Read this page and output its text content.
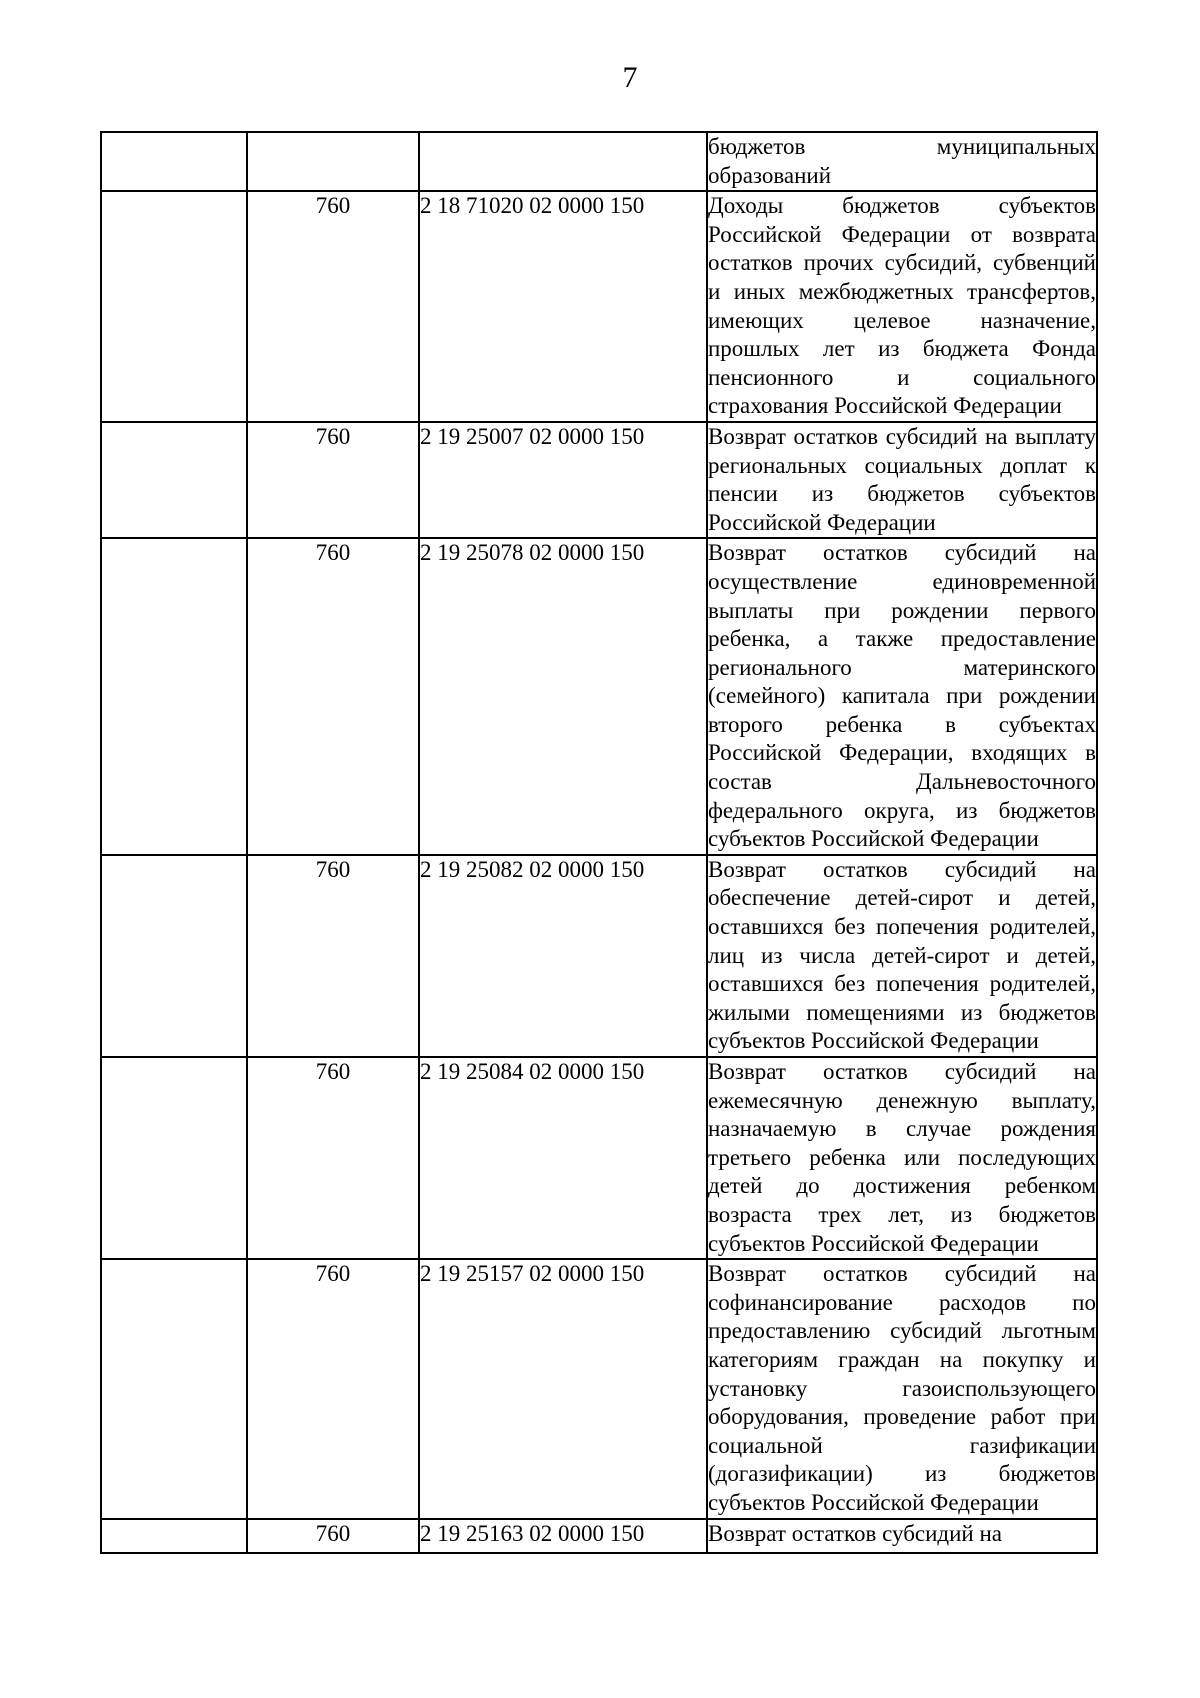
7
			бюджетов муниципальных образований
	760	2 18 71020 02 0000 150	Доходы бюджетов субъектов Российской Федерации от возврата остатков прочих субсидий, субвенций и иных межбюджетных трансфертов, имеющих целевое назначение, прошлых лет из бюджета Фонда пенсионного и социального страхования Российской Федерации
	760	2 19 25007 02 0000 150	Возврат остатков субсидий на выплату региональных социальных доплат к пенсии из бюджетов субъектов Российской Федерации
	760	2 19 25078 02 0000 150	Возврат остатков субсидий на осуществление единовременной выплаты при рождении первого ребенка, а также предоставление регионального материнского (семейного) капитала при рождении второго ребенка в субъектах Российской Федерации, входящих в состав Дальневосточного федерального округа, из бюджетов субъектов Российской Федерации
	760	2 19 25082 02 0000 150	Возврат остатков субсидий на обеспечение детей-сирот и детей, оставшихся без попечения родителей, лиц из числа детей-сирот и детей, оставшихся без попечения родителей, жилыми помещениями из бюджетов субъектов Российской Федерации
	760	2 19 25084 02 0000 150	Возврат остатков субсидий на ежемесячную денежную выплату, назначаемую в случае рождения третьего ребенка или последующих детей до достижения ребенком возраста трех лет, из бюджетов субъектов Российской Федерации
	760	2 19 25157 02 0000 150	Возврат остатков субсидий на софинансирование расходов по предоставлению субсидий льготным категориям граждан на покупку и установку газоиспользующего оборудования, проведение работ при социальной газификации (догазификации) из бюджетов субъектов Российской Федерации
	760	2 19 25163 02 0000 150	Возврат остатков субсидий на
